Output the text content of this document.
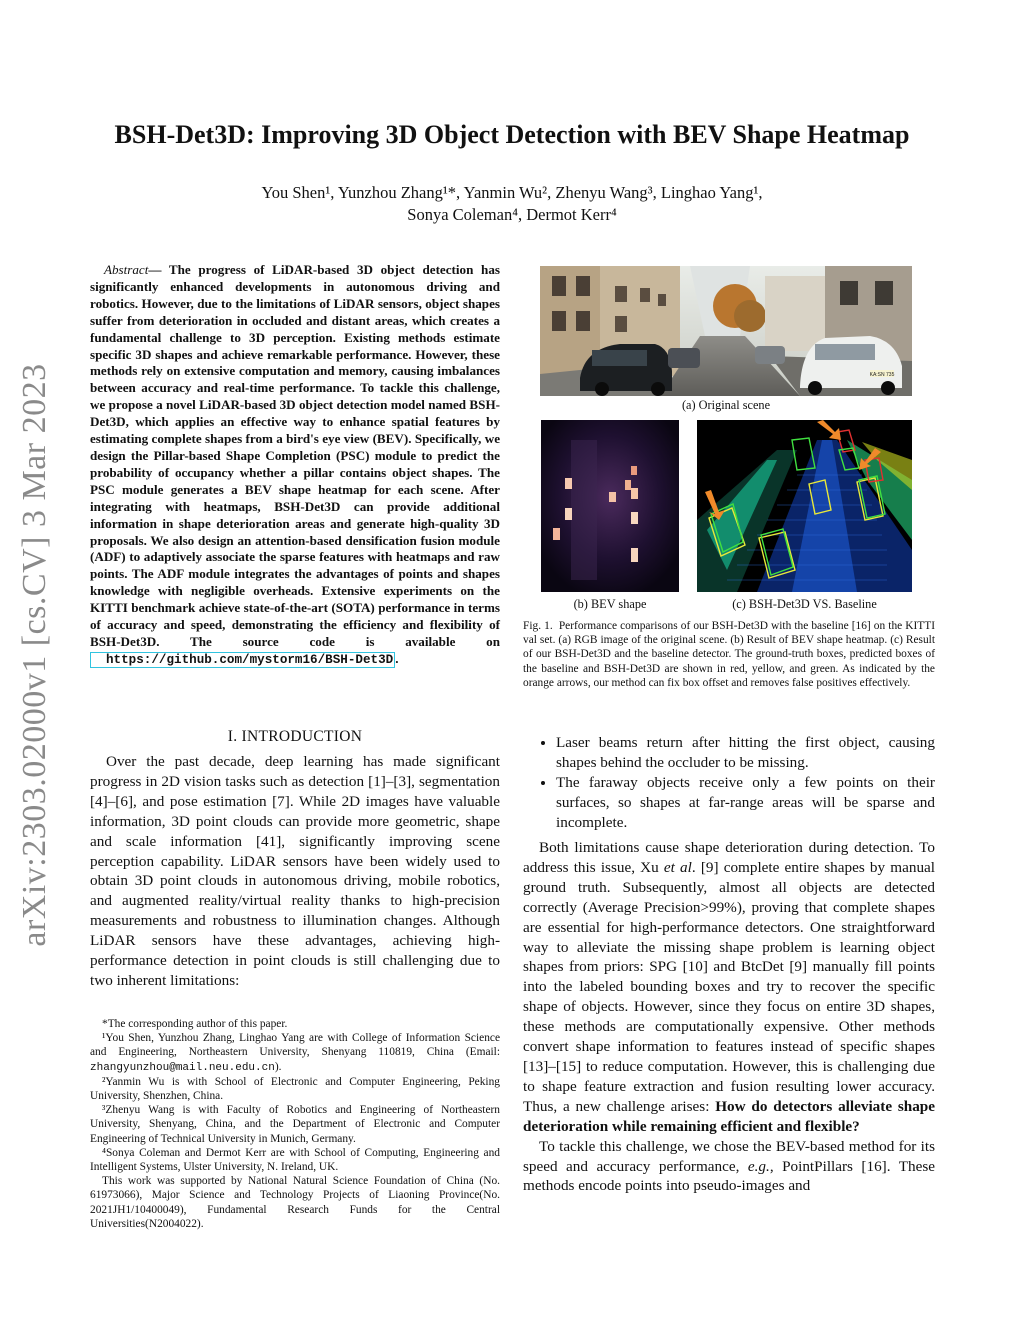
arXiv:2303.02000v1 [cs.CV] 3 Mar 2023
BSH-Det3D: Improving 3D Object Detection with BEV Shape Heatmap
You Shen¹, Yunzhou Zhang¹*, Yanmin Wu², Zhenyu Wang³, Linghao Yang¹,
Sonya Coleman⁴, Dermot Kerr⁴
Abstract— The progress of LiDAR-based 3D object detection has significantly enhanced developments in autonomous driving and robotics. However, due to the limitations of LiDAR sensors, object shapes suffer from deterioration in occluded and distant areas, which creates a fundamental challenge to 3D perception. Existing methods estimate specific 3D shapes and achieve remarkable performance. However, these methods rely on extensive computation and memory, causing imbalances between accuracy and real-time performance. To tackle this challenge, we propose a novel LiDAR-based 3D object detection model named BSH-Det3D, which applies an effective way to enhance spatial features by estimating complete shapes from a bird's eye view (BEV). Specifically, we design the Pillar-based Shape Completion (PSC) module to predict the probability of occupancy whether a pillar contains object shapes. The PSC module generates a BEV shape heatmap for each scene. After integrating with heatmaps, BSH-Det3D can provide additional information in shape deterioration areas and generate high-quality 3D proposals. We also design an attention-based densification fusion module (ADF) to adaptively associate the sparse features with heatmaps and raw points. The ADF module integrates the advantages of points and shapes knowledge with negligible overheads. Extensive experiments on the KITTI benchmark achieve state-of-the-art (SOTA) performance in terms of accuracy and speed, demonstrating the efficiency and flexibility of BSH-Det3D. The source code is available on https://github.com/mystorm16/BSH-Det3D .
I. INTRODUCTION

Over the past decade, deep learning has made significant progress in 2D vision tasks such as detection [1]–[3], segmentation [4]–[6], and pose estimation [7]. While 2D images have valuable information, 3D point clouds can provide more geometric, shape and scale information [41], significantly improving scene perception capability. LiDAR sensors have been widely used to obtain 3D point clouds in autonomous driving, mobile robotics, and augmented reality/virtual reality thanks to high-precision measurements and robustness to illumination changes. Although LiDAR sensors have these advantages, achieving high-performance detection in point clouds is still challenging due to two inherent limitations:

*The corresponding author of this paper.

¹You Shen, Yunzhou Zhang, Linghao Yang are with College of Information Science and Engineering, Northeastern University, Shenyang 110819, China (Email: zhangyunzhou@mail.neu.edu.cn).

²Yanmin Wu is with School of Electronic and Computer Engineering, Peking University, Shenzhen, China.

³Zhenyu Wang is with Faculty of Robotics and Engineering of Northeastern University, Shenyang, China, and the Department of Electronic and Computer Engineering of Technical University in Munich, Germany.

⁴Sonya Coleman and Dermot Kerr are with School of Computing, Engineering and Intelligent Systems, Ulster University, N. Ireland, UK.

This work was supported by National Natural Science Foundation of China (No. 61973066), Major Science and Technology Projects of Liaoning Province(No. 2021JH1/10400049), Fundamental Research Funds for the Central Universities(N2004022).

KA:SN 735
(a) Original scene
(b) BEV shape	(c) BSH-Det3D VS. Baseline
Fig. 1. Performance comparisons of our BSH-Det3D with the baseline [16] on the KITTI val set. (a) RGB image of the original scene. (b) Result of BEV shape heatmap. (c) Result of our BSH-Det3D and the baseline detector. The ground-truth boxes, predicted boxes of the baseline and BSH-Det3D are shown in red, yellow, and green. As indicated by the orange arrows, our method can fix box offset and removes false positives effectively.
• Laser beams return after hitting the first object, causing shapes behind the occluder to be missing.
• The faraway objects receive only a few points on their surfaces, so shapes at far-range areas will be sparse and incomplete.

Both limitations cause shape deterioration during detection. To address this issue, Xu et al. [9] complete entire shapes by manual ground truth. Subsequently, almost all objects are detected correctly (Average Precision>99%), proving that complete shapes are essential for high-performance detectors. One straightforward way to alleviate the missing shape problem is learning object shapes from priors: SPG [10] and BtcDet [9] manually fill points into the labeled bounding boxes and try to recover the specific shape of objects. However, since they focus on entire 3D shapes, these methods are computationally expensive. Other methods convert shape information to features instead of specific shapes [13]–[15] to reduce computation. However, this is challenging due to shape feature extraction and fusion resulting lower accuracy. Thus, a new challenge arises: How do detectors alleviate shape deterioration while remaining efficient and flexible?

To tackle this challenge, we chose the BEV-based method for its speed and accuracy performance, e.g., PointPillars [16]. These methods encode points into pseudo-images and
